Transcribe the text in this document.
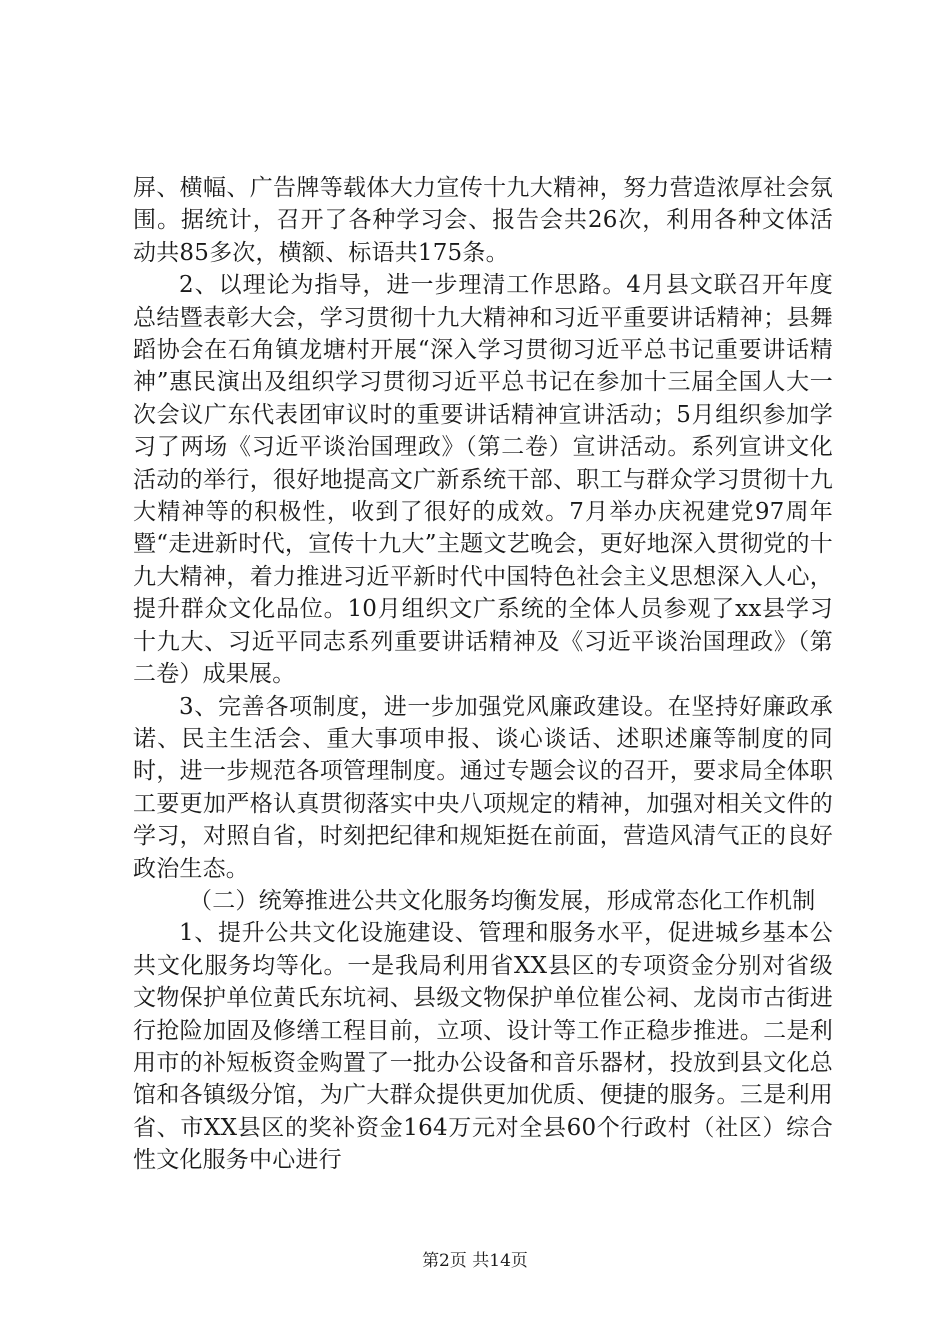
屏、横幅、广告牌等载体大力宣传十九大精神，努力营造浓厚社会氛围。据统计，召开了各种学习会、报告会共26次，利用各种文体活动共85多次，横额、标语共175条。

2、以理论为指导，进一步理清工作思路。4月县文联召开年度总结暨表彰大会，学习贯彻十九大精神和习近平重要讲话精神；县舞蹈协会在石角镇龙塘村开展“深入学习贯彻习近平总书记重要讲话精神”惠民演出及组织学习贯彻习近平总书记在参加十三届全国人大一次会议广东代表团审议时的重要讲话精神宣讲活动；5月组织参加学习了两场《习近平谈治国理政》（第二卷）宣讲活动。系列宣讲文化活动的举行，很好地提高文广新系统干部、职工与群众学习贯彻十九大精神等的积极性，收到了很好的成效。7月举办庆祝建党97周年暨“走进新时代，宣传十九大”主题文艺晚会，更好地深入贯彻党的十九大精神，着力推进习近平新时代中国特色社会主义思想深入人心，提升群众文化品位。10月组织文广系统的全体人员参观了xx县学习十九大、习近平同志系列重要讲话精神及《习近平谈治国理政》（第二卷）成果展。

3、完善各项制度，进一步加强党风廉政建设。在坚持好廉政承诺、民主生活会、重大事项申报、谈心谈话、述职述廉等制度的同时，进一步规范各项管理制度。通过专题会议的召开，要求局全体职工要更加严格认真贯彻落实中央八项规定的精神，加强对相关文件的学习，对照自省，时刻把纪律和规矩挺在前面，营造风清气正的良好政治生态。

（二）统筹推进公共文化服务均衡发展，形成常态化工作机制

1、提升公共文化设施建设、管理和服务水平，促进城乡基本公共文化服务均等化。一是我局利用省XX县区的专项资金分别对省级文物保护单位黄氏东坑祠、县级文物保护单位崔公祠、龙岗市古街进行抢险加固及修缮工程目前，立项、设计等工作正稳步推进。二是利用市的补短板资金购置了一批办公设备和音乐器材，投放到县文化总馆和各镇级分馆，为广大群众提供更加优质、便捷的服务。三是利用省、市XX县区的奖补资金164万元对全县60个行政村（社区）综合性文化服务中心进行

第2页 共14页
